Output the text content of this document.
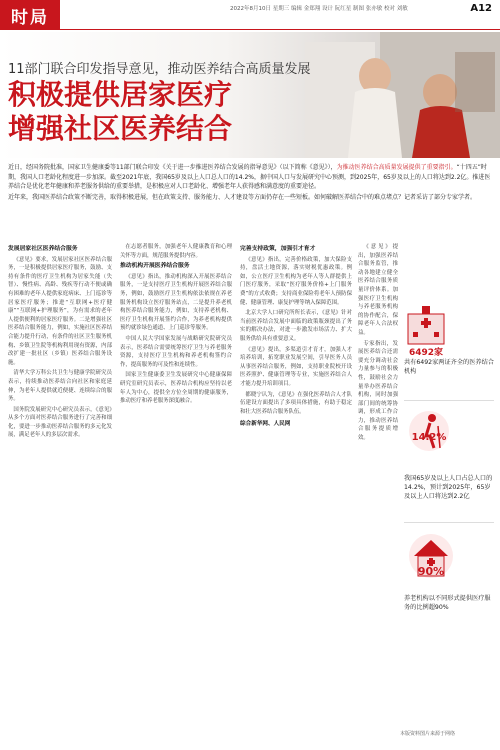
时局	2022年8月10日 星期三 编辑 金郑翔 设计 阮红星 制图 张亦敏 校对 刘敏	A12
11部门联合印发指导意见，推动医养结合高质量发展
积极提供居家医疗
增强社区医养结合
近日，经国务院批准，国家卫生健康委等11部门联合印发《关于进一步推进医养结合发展的指导意见》（以下简称《意见》），为推动医养结合高质量发展提供了重要指引。“十四五”时期，我国人口老龄化程度进一步加深。截至2021年底，我国65岁及以上人口总人口的14.2%，据中国人口与发展研究中心预测，到2025年，65岁及以上的人口将达到2.2亿。推进医养结合是优化老年健康和养老服务供给的重要举措，是积极应对人口老龄化、增强老年人获得感和满意度的重要途径。
近年来，我国医养结合政策不断完善，取得积极进展，但在政策支持、服务能力、人才建设等方面仍存在一些短板。如何破解医养结合中的难点堵点？记者采访了部分专家学者。

发展居家社区医养结合服务

《意见》要求，发展居家社区医养结合服务，一是积极提供居家医疗服务，鼓励、支持有条件的医疗卫生机构为居家失能（失智）、慢性病、高龄、残疾等行动不便或确有困难的老年人提供家庭病床、上门巡诊等居家医疗服务；推进“互联网+医疗健康”“互联网+护理服务”，为有需求的老年人提供便利的居家医疗服务。二是增强社区医养结合服务能力，例如，实施社区医养结合能力提升行动，有条件的社区卫生服务机构、乡镇卫生院等机构利用现有资源，内部改扩建一批社区（乡镇）医养结合服务设施。

清华大学万科公共卫生与健康学院研究员表示，持续推动医养结合向社区和家庭延伸，为老年人提供就近便捷、连续综合的服务。

国务院发展研究中心研究员表示，《意见》从多个方面对医养结合服务进行了完善和细化，要进一步推动医养结合服务的多元化发展，满足老年人的多层次需求。

在志愿者服务，加强老年人健康教育和心理关怀等方面，规范服务提供内容。

推动机构开展医养结合服务

《意见》指出，推动机构深入开展医养结合服务，一是支持医疗卫生机构开展医养结合服务，例如，鼓励医疗卫生机构依法依规在养老服务机构设立医疗服务站点，二是提升养老机构医养结合服务能力，例如，支持养老机构、医疗卫生机构开展签约合作，为养老机构提供预约就诊绿色通道、上门巡诊等服务。

中国人民大学国家发展与战略研究院研究员表示，医养结合需要统筹医疗卫生与养老服务资源，支持医疗卫生机构和养老机构签约合作，提高服务的可及性和连续性。

国家卫生健康委卫生发展研究中心健康保障研究室研究员表示，医养结合机构应坚持以老年人为中心，提供全方位全周期的健康服务，推动医疗和养老服务深度融合。

完善支持政策，加强引才育才

《意见》指出，完善价格政策，加大保险支持，盘活土地资源，落实财税优惠政策。例如，公立医疗卫生机构为老年人等人群提供上门医疗服务，采取“医疗服务价格+上门服务费”的方式收费；支持商业保险将老年人预防保健、健康管理、康复护理等纳入保障范围。

北京大学人口研究所所长表示，《意见》针对当前医养结合发展中面临的政策瓶颈提出了务实的解决办法，对进一步激发市场活力、扩大服务供给具有重要意义。

《意见》提出，多渠道引才育才，加强人才培养培训，拓宽职业发展空间，引导医务人员从事医养结合服务，例如，支持职业院校开设医养照护、健康管理等专业，实施医养结合人才能力提升培训项目。

都晓宁认为，《意见》在强化医养结合人才队伍建设方面提出了多项具体措施，有助于稳定和壮大医养结合服务队伍。

综合新华网、人民网

《意见》提出，加强医养结合服务监管，推动各地建立健全医养结合服务质量评价体系。加强医疗卫生机构与养老服务机构的协作配合，保障老年人合法权益。

专家指出，发展医养结合还需要充分调动社会力量参与的积极性，鼓励社会力量举办医养结合机构，同时加强部门间的统筹协调，形成工作合力，推动医养结合服务提质增效。

6492家
共有6492家两证齐全的医养结合机构
14.2%
我国65岁及以上人口占总人口的14.2%，预计到2025年，65岁及以上人口将达到2.2亿
90%
养老机构以不同形式提供医疗服务的比例超90%
本版资料图片来源于网络
